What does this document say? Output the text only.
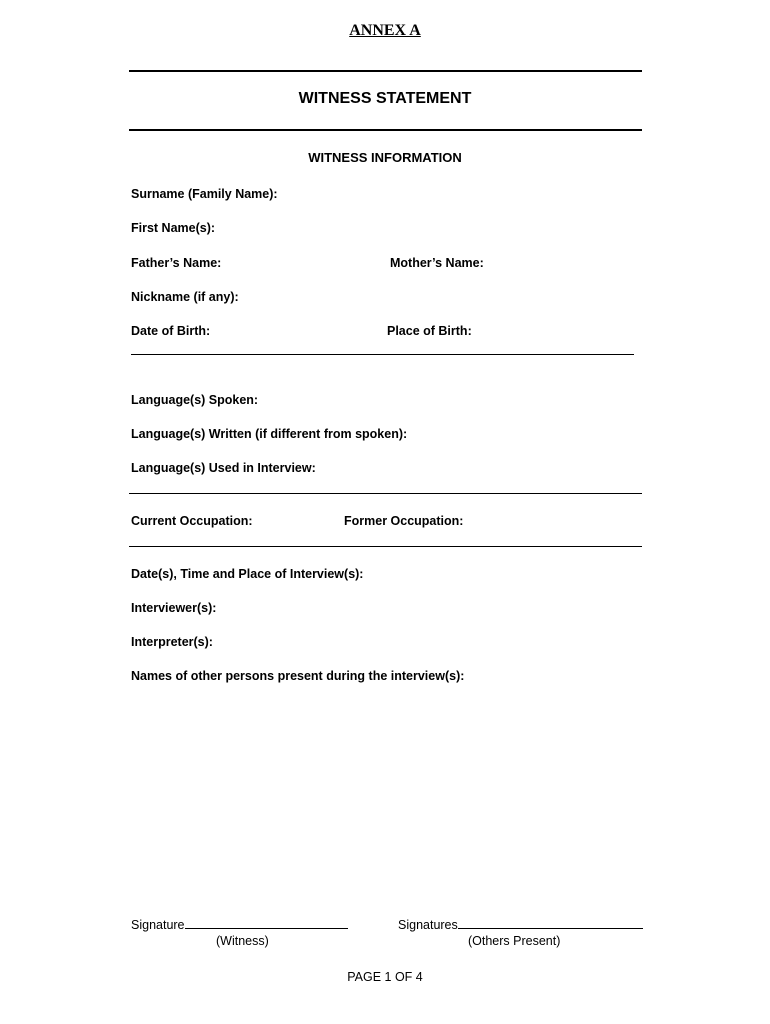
ANNEX A
WITNESS STATEMENT
WITNESS INFORMATION
Surname (Family Name):
First Name(s):
Father’s Name:	Mother’s Name:
Nickname (if any):
Date of Birth:	Place of Birth:
Language(s) Spoken:
Language(s) Written (if different from spoken):
Language(s) Used in Interview:
Current Occupation:	Former Occupation:
Date(s), Time and Place of Interview(s):
Interviewer(s):
Interpreter(s):
Names of other persons present during the interview(s):
Signature
(Witness)
Signatures
(Others Present)
PAGE 1 OF 4
